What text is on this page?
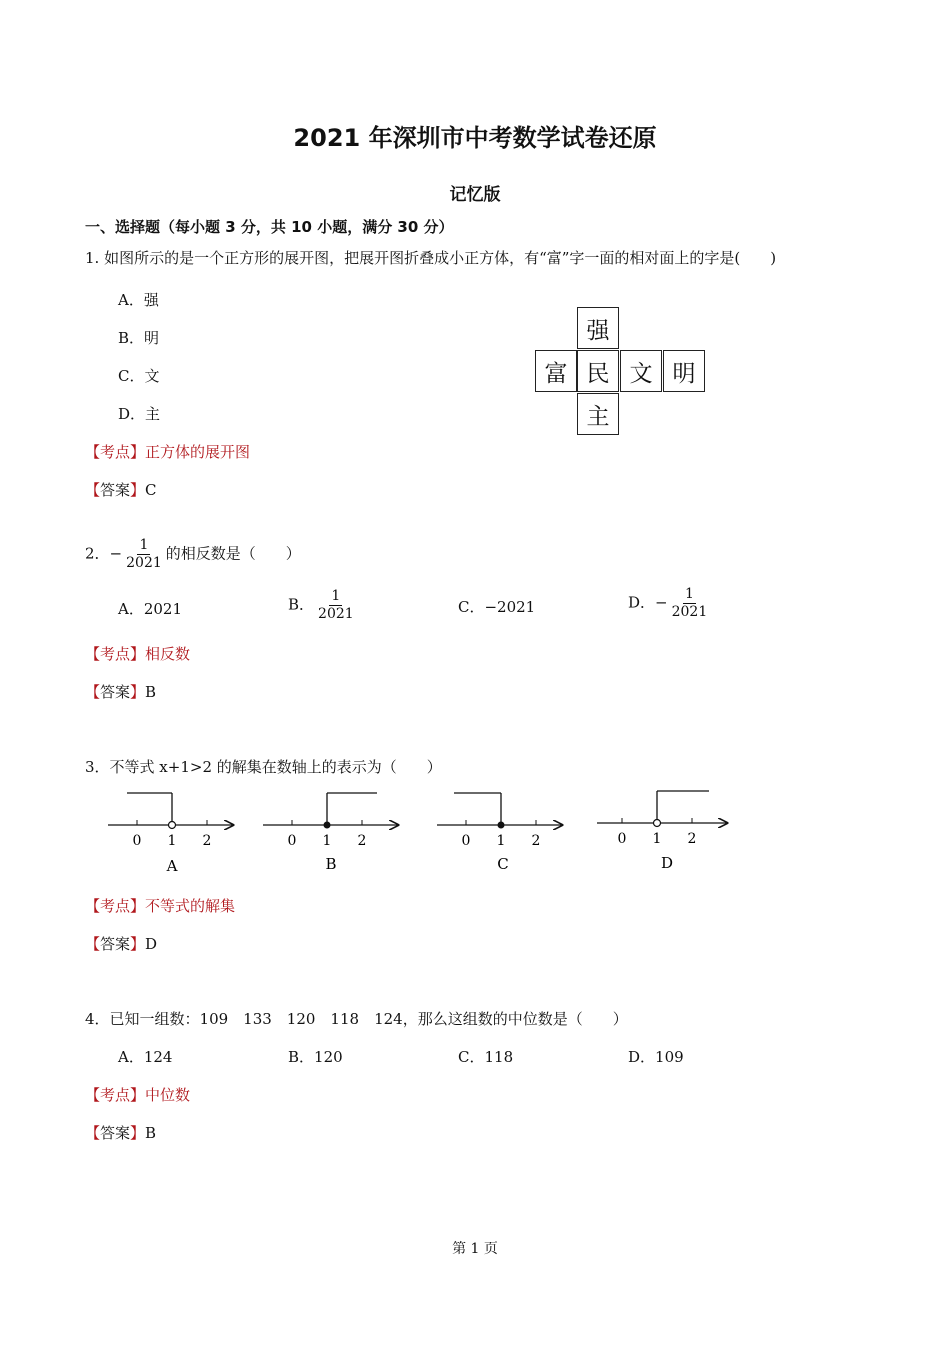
2021 年深圳市中考数学试卷还原
记忆版
一、选择题（每小题 3 分，共 10 小题，满分 30 分）
1. 如图所示的是一个正方形的展开图，把展开图折叠成小正方体，有“富”字一面的相对面上的字是(　　)
A．强
B．明
C．文
D．主
强
富 民 文 明
主
【考点】正方体的展开图
【答案】C
2．− $\frac{1}{2021}$ 的相反数是（　　）
A．2021	B． $\frac{1}{2021}$	C．−2021	D．− $\frac{1}{2021}$
【考点】相反数
【答案】B
3．不等式 x+1>2 的解集在数轴上的表示为（　　）
0 1 2
A
0 1 2
B
0 1 2
C
0 1 2
D
【考点】不等式的解集
【答案】D
4．已知一组数：109　133　120　118　124，那么这组数的中位数是（　　）
A．124	B．120	C．118	D．109
【考点】中位数
【答案】B
第 1 页
